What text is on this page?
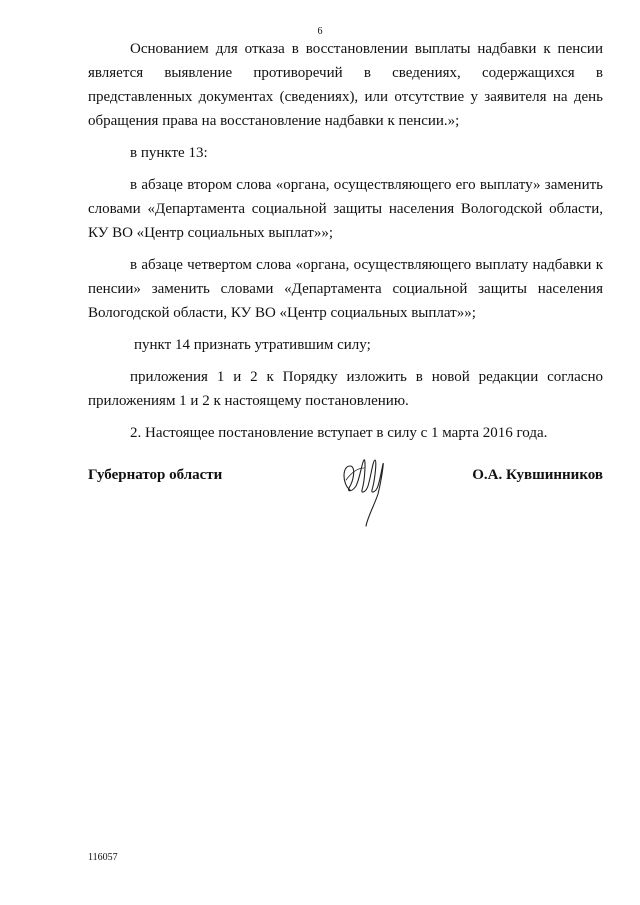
6

Основанием для отказа в восстановлении выплаты надбавки к пенсии является выявление противоречий в сведениях, содержащихся в представленных документах (сведениях), или отсутствие у заявителя на день обращения права на восстановление надбавки к пенсии.»;

в пункте 13:

в абзаце втором слова «органа, осуществляющего его выплату» заменить словами «Департамента социальной защиты населения Вологодской области, КУ ВО «Центр социальных выплат»»;

в абзаце четвертом слова «органа, осуществляющего выплату надбавки к пенсии» заменить словами «Департамента социальной защиты населения Вологодской области, КУ ВО «Центр социальных выплат»»;

пункт 14 признать утратившим силу;

приложения 1 и 2 к Порядку изложить в новой редакции согласно приложениям 1 и 2 к настоящему постановлению.

2. Настоящее постановление вступает в силу с 1 марта 2016 года.

Губернатор области	О.А. Кувшинников
116057
